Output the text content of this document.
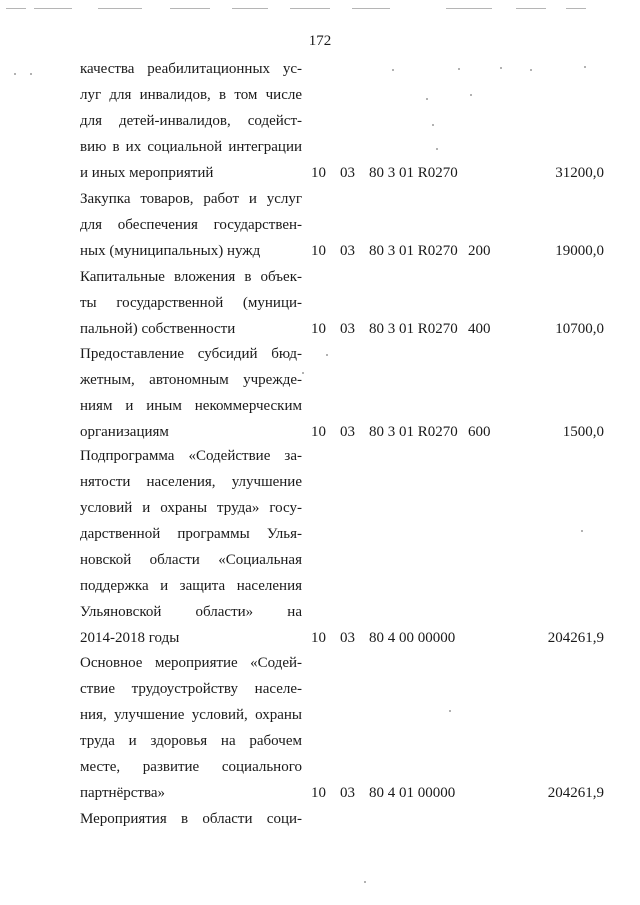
172
качества реабилитационных ус-
луг для инвалидов, в том числе
для детей-инвалидов, содейст-
вию в их социальной интеграции
и иных мероприятий	10 03 80 3 01 R0270	31200,0
Закупка товаров, работ и услуг
для обеспечения государствен-
ных (муниципальных) нужд	10 03 80 3 01 R0270 200	19000,0
Капитальные вложения в объек-
ты государственной (муници-
пальной) собственности	10 03 80 3 01 R0270 400	10700,0
Предоставление субсидий бюд-
жетным, автономным учрежде-
ниям и иным некоммерческим
организациям	10 03 80 3 01 R0270 600	1500,0
Подпрограмма «Содействие за-
нятости населения, улучшение
условий и охраны труда» госу-
дарственной программы Улья-
новской области «Социальная
поддержка и защита населения
Ульяновской области» на
2014-2018 годы	10 03 80 4 00 00000	204261,9
Основное мероприятие «Содей-
ствие трудоустройству населе-
ния, улучшение условий, охраны
труда и здоровья на рабочем
месте, развитие социального
партнёрства»	10 03 80 4 01 00000	204261,9
Мероприятия в области соци-
